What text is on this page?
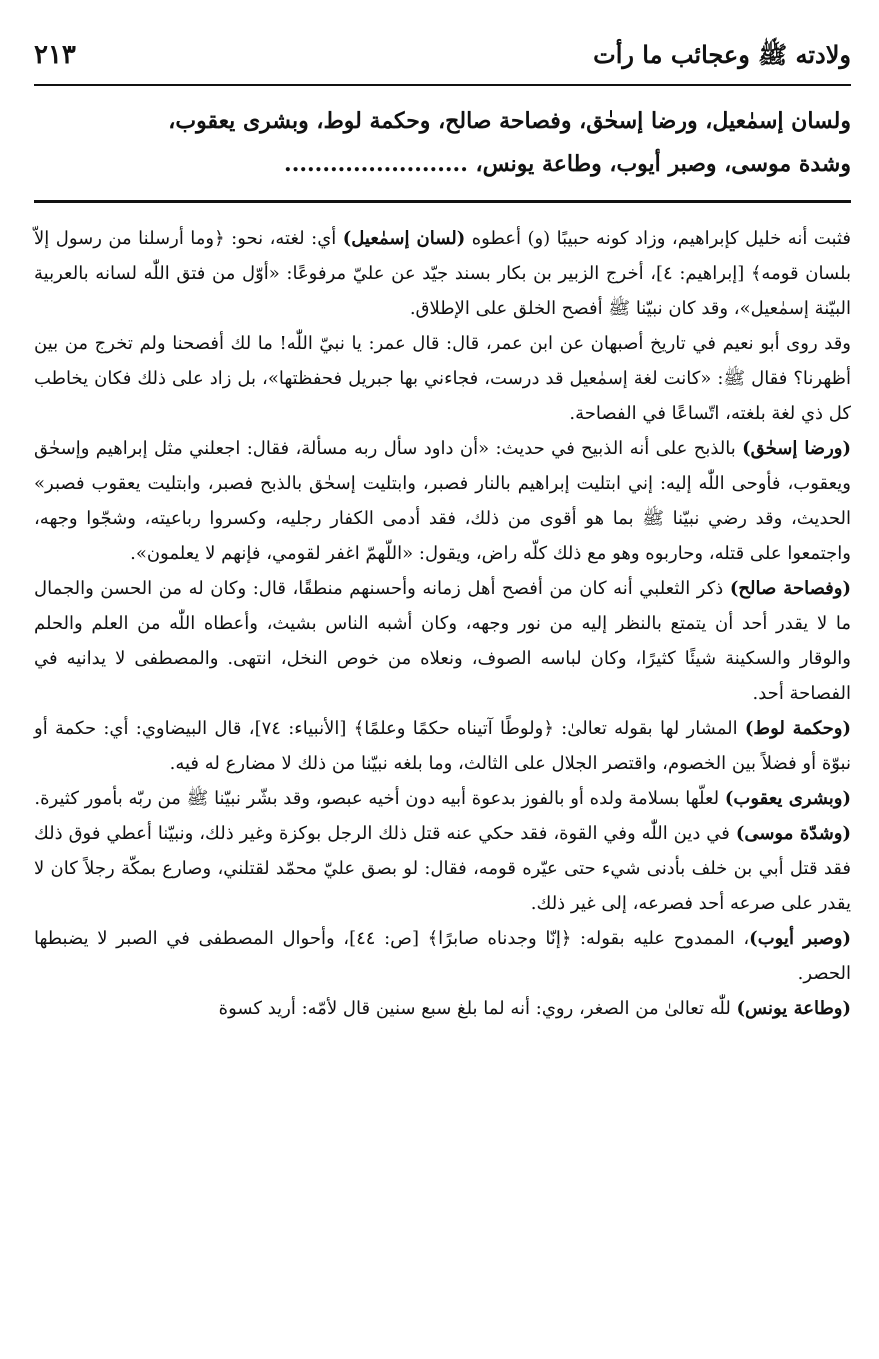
ولادته ﷺ وعجائب ما رأت
٢١٣
ولسان إسمٰعيل، ورضا إسحٰق، وفصاحة صالح، وحكمة لوط، وبشرى يعقوب،
وشدة موسى، وصبر أيوب، وطاعة يونس، ........................

فثبت أنه خليل كإبراهيم، وزاد كونه حبيبًا (و) أعطوه (لسان إسمٰعيل) أي: لغته، نحو: ﴿وما أرسلنا من رسول إلاّ بلسان قومه﴾ [إبراهيم: ٤]، أخرج الزبير بن بكار بسند جيّد عن عليّ مرفوعًا: «أوّل من فتق اللّٰه لسانه بالعربية البيّنة إسمٰعيل»، وقد كان نبيّنا ﷺ أفصح الخلق على الإطلاق.

وقد روى أبو نعيم في تاريخ أصبهان عن ابن عمر، قال: قال عمر: يا نبيّ اللّٰه! ما لك أفصحنا ولم تخرج من بين أظهرنا؟ فقال ﷺ: «كانت لغة إسمٰعيل قد درست، فجاءني بها جبريل فحفظتها»، بل زاد على ذلك فكان يخاطب كل ذي لغة بلغته، اتّساعًا في الفصاحة.

(ورضا إسحٰق) بالذبح على أنه الذبيح في حديث: «أن داود سأل ربه مسألة، فقال: اجعلني مثل إبراهيم وإسحٰق ويعقوب، فأوحى اللّٰه إليه: إني ابتليت إبراهيم بالنار فصبر، وابتليت إسحٰق بالذبح فصبر، وابتليت يعقوب فصبر» الحديث، وقد رضي نبيّنا ﷺ بما هو أقوى من ذلك، فقد أدمى الكفار رجليه، وكسروا رباعيته، وشجّوا وجهه، واجتمعوا على قتله، وحاربوه وهو مع ذلك كلّه راض، ويقول: «اللّهمّ اغفر لقومي، فإنهم لا يعلمون».

(وفصاحة صالح) ذكر الثعلبي أنه كان من أفصح أهل زمانه وأحسنهم منطقًا، قال: وكان له من الحسن والجمال ما لا يقدر أحد أن يتمتع بالنظر إليه من نور وجهه، وكان أشبه الناس بشيث، وأعطاه اللّٰه من العلم والحلم والوقار والسكينة شيئًا كثيرًا، وكان لباسه الصوف، ونعلاه من خوص النخل، انتهى. والمصطفى لا يدانيه في الفصاحة أحد.

(وحكمة لوط) المشار لها بقوله تعالىٰ: ﴿ولوطًا آتيناه حكمًا وعلمًا﴾ [الأنبياء: ٧٤]، قال البيضاوي: أي: حكمة أو نبوّة أو فضلاً بين الخصوم، واقتصر الجلال على الثالث، وما بلغه نبيّنا من ذلك لا مضارع له فيه.

(وبشرى يعقوب) لعلّها بسلامة ولده أو بالفوز بدعوة أبيه دون أخيه عبصو، وقد بشّر نبيّنا ﷺ من ربّه بأمور كثيرة.

(وشدّة موسى) في دين اللّٰه وفي القوة، فقد حكي عنه قتل ذلك الرجل بوكزة وغير ذلك، ونبيّنا أعطي فوق ذلك فقد قتل أبي بن خلف بأدنى شيء حتى عيّره قومه، فقال: لو بصق عليّ محمّد لقتلني، وصارع بمكّة رجلاً كان لا يقدر على صرعه أحد فصرعه، إلى غير ذلك.

(وصبر أيوب)، الممدوح عليه بقوله: ﴿إنّا وجدناه صابرًا﴾ [ص: ٤٤]، وأحوال المصطفى في الصبر لا يضبطها الحصر.

(وطاعة يونس) للّٰه تعالىٰ من الصغر، روي: أنه لما بلغ سبع سنين قال لأمّه: أريد كسوة
